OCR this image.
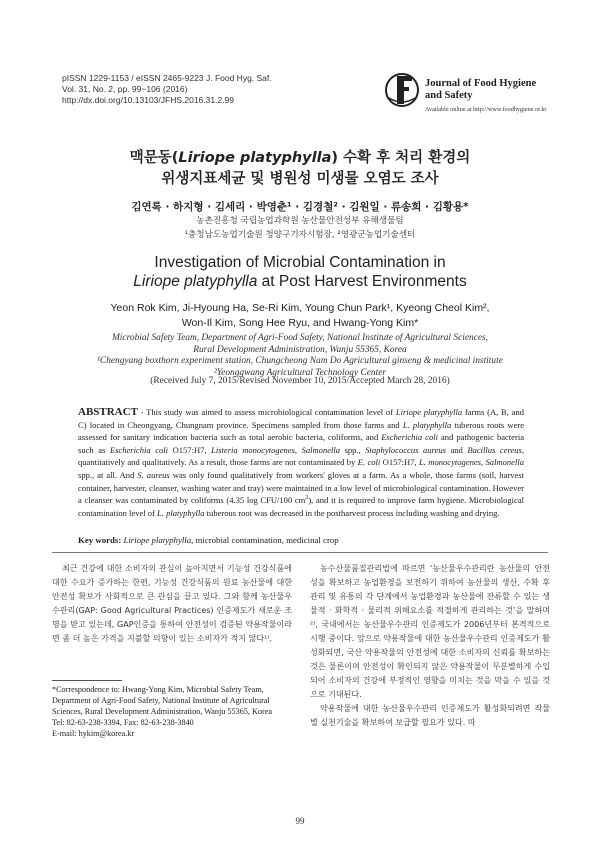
pISSN 1229-1153 / eISSN 2465-9223 J. Food Hyg. Saf.
Vol. 31, No. 2, pp. 99~106 (2016)
http://dx.doi.org/10.13103/JFHS.2016.31.2.99
Journal of Food Hygiene
and Safety
Available online at http://www.foodhygiene.or.kr
맥문동(Liriope platyphylla) 수확 후 처리 환경의
위생지표세균 및 병원성 미생물 오염도 조사
김연록 · 하지형 · 김세리 · 박영춘¹ · 김경철² · 김원일 · 류송희 · 김황용*
농촌진흥청 국립농업과학원 농산물안전성부 유해생물팀
¹충청남도농업기술원 청양구기자시험장, ²영광군농업기술센터
Investigation of Microbial Contamination in
Liriope platyphylla at Post Harvest Environments
Yeon Rok Kim, Ji-Hyoung Ha, Se-Ri Kim, Young Chun Park¹, Kyeong Cheol Kim²,
Won-Il Kim, Song Hee Ryu, and Hwang-Yong Kim*
Microbial Safety Team, Department of Agri-Food Safety, National Institute of Agricultural Sciences,
Rural Development Administration, Wanju 55365, Korea
¹Chengyang boxthorn experiment station, Chungcheong Nam Do Agricultural ginseng & medicinal institute
²Yeonggwang Agricultural Technology Center
(Received July 7, 2015/Revised November 10, 2015/Accepted March 28, 2016)
ABSTRACT - This study was aimed to assess microbiological contamination level of Liriope platyphylla farms (A, B, and C) located in Cheongyang, Chungnam province. Specimens sampled from those farms and L. platyphylla tuberous roots were assessed for sanitary indication bacteria such as total aerobic bacteria, coliforms, and Escherichia coli and pathogenic bacteria such as Escherichia coli O157:H7, Listeria monocytogenes, Salmonella spp., Staphylococcus aureus and Bacillus cereus, quantitatively and qualitatively. As a result, those farms are not contaminated by E. coli O157:H7, L. monocytogenes, Salmonella spp., at all. And S. aureus was only found qualitatively from workers' gloves at a farm. As a whole, those farms (soil, harvest container, harvester, cleanser, washing water and tray) were maintained in a low level of microbiological contamination. However a cleanser was contaminated by coliforms (4.35 log CFU/100 $cm^2$), and it is required to improve farm hygiene. Microbiological contamination level of L. platyphylla tuberous root was decreased in the postharvest process including washing and drying.
Key words: Liriope platyphylla, microbial contamination, medicinal crop

최근 건강에 대한 소비자의 관심이 높아지면서 기능성 건강식품에 대한 수요가 증가하는 한편, 기능성 건강식품의 원료 농산물에 대한 안전성 확보가 사회적으로 큰 관심을 끌고 있다. 그와 함께 농산물우수관리(GAP: Good Agricultural Practices) 인증제도가 새로운 조명을 받고 있는데, GAP인증을 통하여 안전성이 검증된 약용작물이라면 좀 더 높은 가격을 지불할 의향이 있는 소비자가 적지 않다¹⁾.

농수산물품질관리법에 따르면 ‘농산물우수관리란 농산물의 안전성을 확보하고 농업환경을 보전하기 위하여 농산물의 생산, 수확 후 관리 및 유통의 각 단계에서 농업환경과 농산물에 잔류할 수 있는 생물적 · 화학적 · 물리적 위해요소를 적절하게 관리하는 것’을 말하며²⁾, 국내에서는 농산물우수관리 인증제도가 2006년부터 본격적으로 시행 중이다. 앞으로 약용작물에 대한 농산물우수관리 인증제도가 활성화되면, 국산 약용작물의 안전성에 대한 소비자의 신뢰를 확보하는 것은 물론이며 안전성이 확인되지 않은 약용작물이 무분별하게 수입되어 소비자의 건강에 부정적인 영향을 미치는 것을 막을 수 있을 것으로 기대된다.

약용작물에 대한 농산물우수관리 인증제도가 활성화되려면 작물별 실천기술을 확보하여 보급할 필요가 있다. 따

*Correspondence to: Hwang-Yong Kim, Microbial Safety Team, Department of Agri-Food Safety, National Institute of Agricultural Sciences, Rural Development Administration, Wanju 55365, Korea

Tel: 82-63-238-3394, Fax: 82-63-238-3840

E-mail: hykim@korea.kr

99
